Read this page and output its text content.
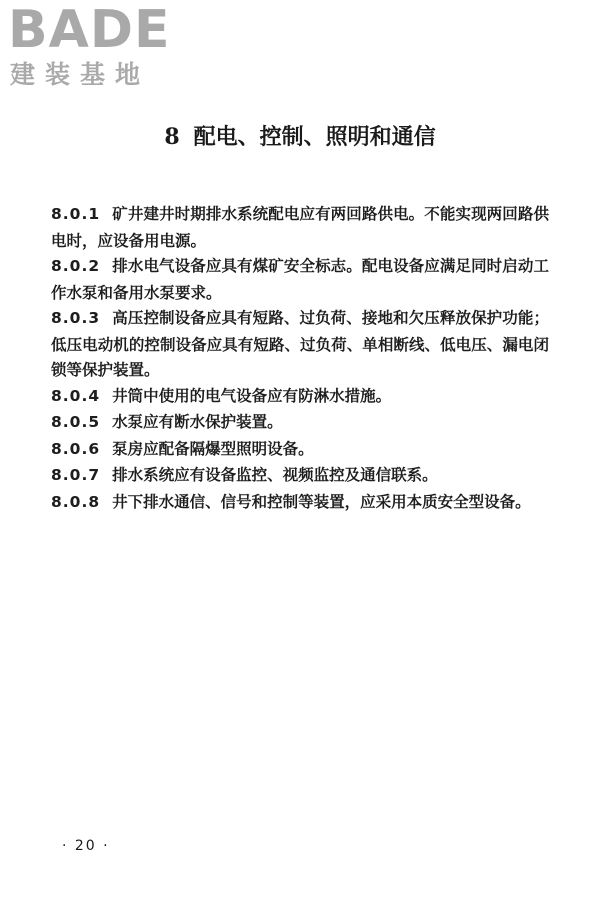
BADE
建装基地
8 配电、控制、照明和通信
8.0.1 矿井建井时期排水系统配电应有两回路供电。不能实现两回路供电时，应设备用电源。
8.0.2 排水电气设备应具有煤矿安全标志。配电设备应满足同时启动工作水泵和备用水泵要求。
8.0.3 高压控制设备应具有短路、过负荷、接地和欠压释放保护功能；低压电动机的控制设备应具有短路、过负荷、单相断线、低电压、漏电闭锁等保护装置。
8.0.4 井筒中使用的电气设备应有防淋水措施。
8.0.5 水泵应有断水保护装置。
8.0.6 泵房应配备隔爆型照明设备。
8.0.7 排水系统应有设备监控、视频监控及通信联系。
8.0.8 井下排水通信、信号和控制等装置，应采用本质安全型设备。
· 20 ·
